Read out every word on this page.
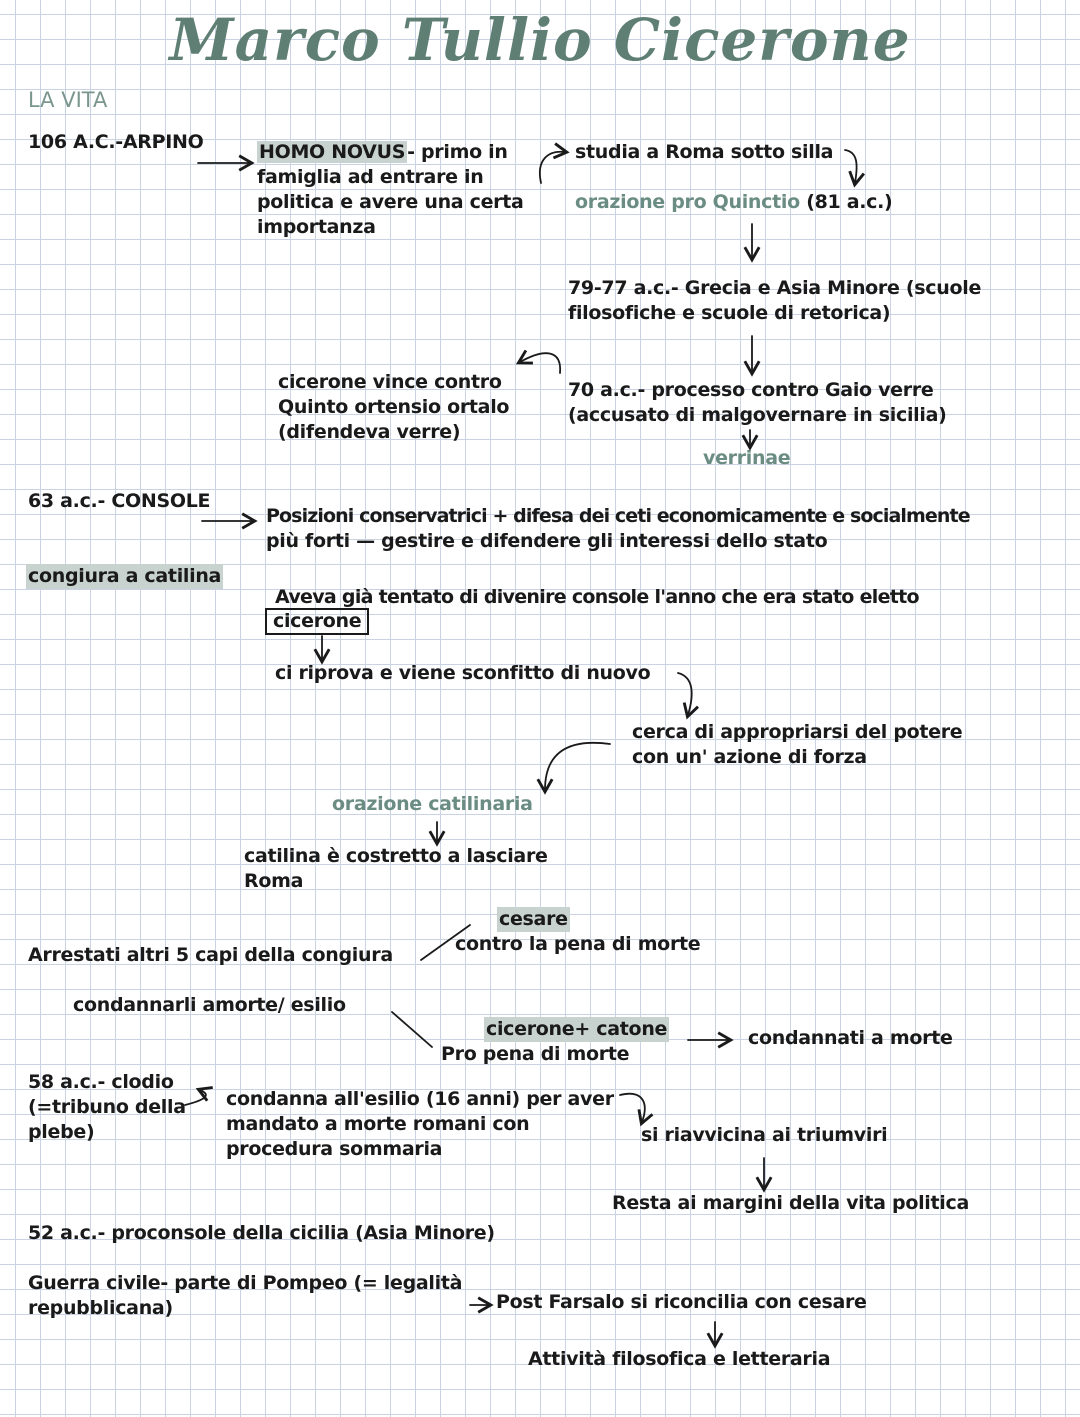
Marco Tullio Cicerone
LA VITA
106 A.C.-ARPINO	HOMO NOVUS - primo in
famiglia ad entrare in
politica e avere una certa
importanza
studia a Roma sotto silla
orazione pro Quinctio (81 a.c.)
79-77 a.c.- Grecia e Asia Minore (scuole
filosofiche e scuole di retorica)
cicerone vince contro
Quinto ortensio ortalo
(difendeva verre)
70 a.c.- processo contro Gaio verre
(accusato di malgovernare in sicilia)
verrinae
63 a.c.- CONSOLE
Posizioni conservatrici + difesa dei ceti economicamente e socialmente
più forti — gestire e difendere gli interessi dello stato
congiura a catilina
Aveva già tentato di divenire console l'anno che era stato eletto
cicerone
ci riprova e viene sconfitto di nuovo
cerca di appropriarsi del potere
con un' azione di forza
orazione catilinaria
catilina è costretto a lasciare
Roma
cesare
contro la pena di morte
Arrestati altri 5 capi della congiura
condannarli amorte/ esilio
cicerone+ catone
Pro pena di morte
condannati a morte
58 a.c.- clodio
(=tribuno della
plebe)
condanna all'esilio (16 anni) per aver
mandato a morte romani con
procedura sommaria
si riavvicina ai triumviri
Resta ai margini della vita politica
52 a.c.- proconsole della cicilia (Asia Minore)
Guerra civile- parte di Pompeo (= legalità
repubblicana)	Post Farsalo si riconcilia con cesare
Attività filosofica e letteraria
